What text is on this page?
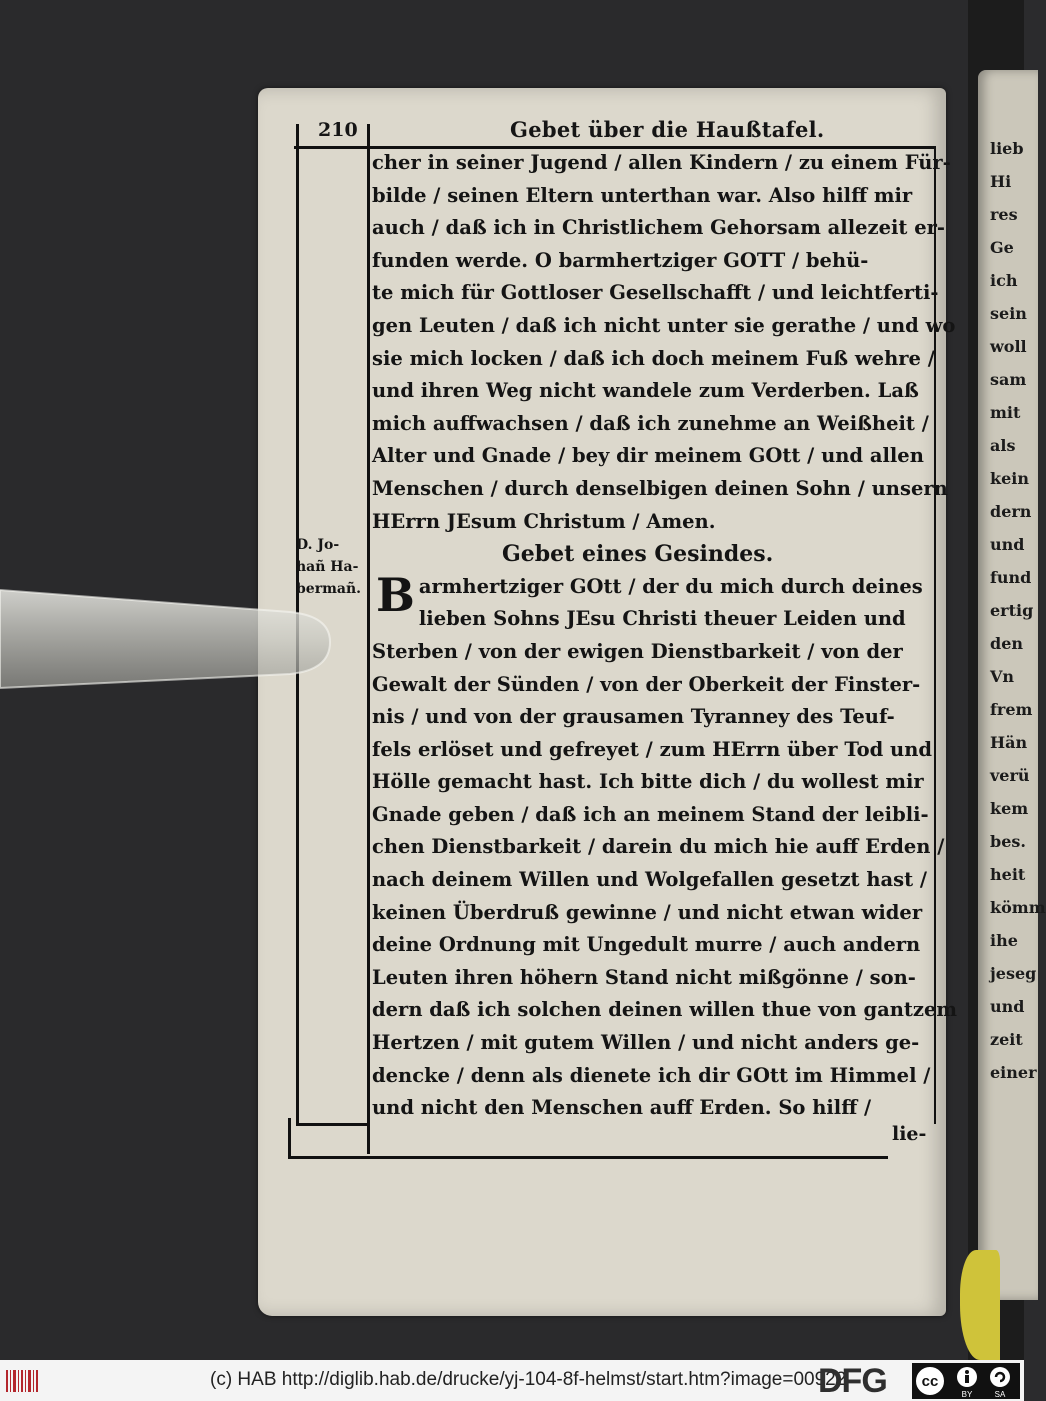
lieb
Hi
res
Ge
ich
sein
woll
sam
mit
als
kein
dern
und
fund
ertig
den
Vn
frem
Hän
verü
kem
bes.
heit
kömm
ihe
jeseg
und
zeit
einer
210	Gebet über die Haußtafel.
D. Jo-
hañ Ha-
bermañ.
cher in seiner Jugend / allen Kindern / zu einem Für-
bilde / seinen Eltern unterthan war. Also hilff mir
auch / daß ich in Christlichem Gehorsam allezeit er-
funden werde. O barmhertziger GOTT / behü-
te mich für Gottloser Gesellschafft / und leichtferti-
gen Leuten / daß ich nicht unter sie gerathe / und wo
sie mich locken / daß ich doch meinem Fuß wehre /
und ihren Weg nicht wandele zum Verderben. Laß
mich auffwachsen / daß ich zunehme an Weißheit /
Alter und Gnade / bey dir meinem GOtt / und allen
Menschen / durch denselbigen deinen Sohn / unsern
HErrn JEsum Christum / Amen.
Gebet eines Gesindes.
Barmhertziger GOtt / der du mich durch deines
lieben Sohns JEsu Christi theuer Leiden und
Sterben / von der ewigen Dienstbarkeit / von der
Gewalt der Sünden / von der Oberkeit der Finster-
nis / und von der grausamen Tyranney des Teuf-
fels erlöset und gefreyet / zum HErrn über Tod und
Hölle gemacht hast. Ich bitte dich / du wollest mir
Gnade geben / daß ich an meinem Stand der leibli-
chen Dienstbarkeit / darein du mich hie auff Erden /
nach deinem Willen und Wolgefallen gesetzt hast /
keinen Überdruß gewinne / und nicht etwan wider
deine Ordnung mit Ungedult murre / auch andern
Leuten ihren höhern Stand nicht mißgönne / son-
dern daß ich solchen deinen willen thue von gantzem
Hertzen / mit gutem Willen / und nicht anders ge-
dencke / denn als dienete ich dir GOtt im Himmel /
und nicht den Menschen auff Erden. So hilff /
lie-
(c) HAB http://diglib.hab.de/drucke/yj-104-8f-helmst/start.htm?image=00922
DFG cc
BY	SA
